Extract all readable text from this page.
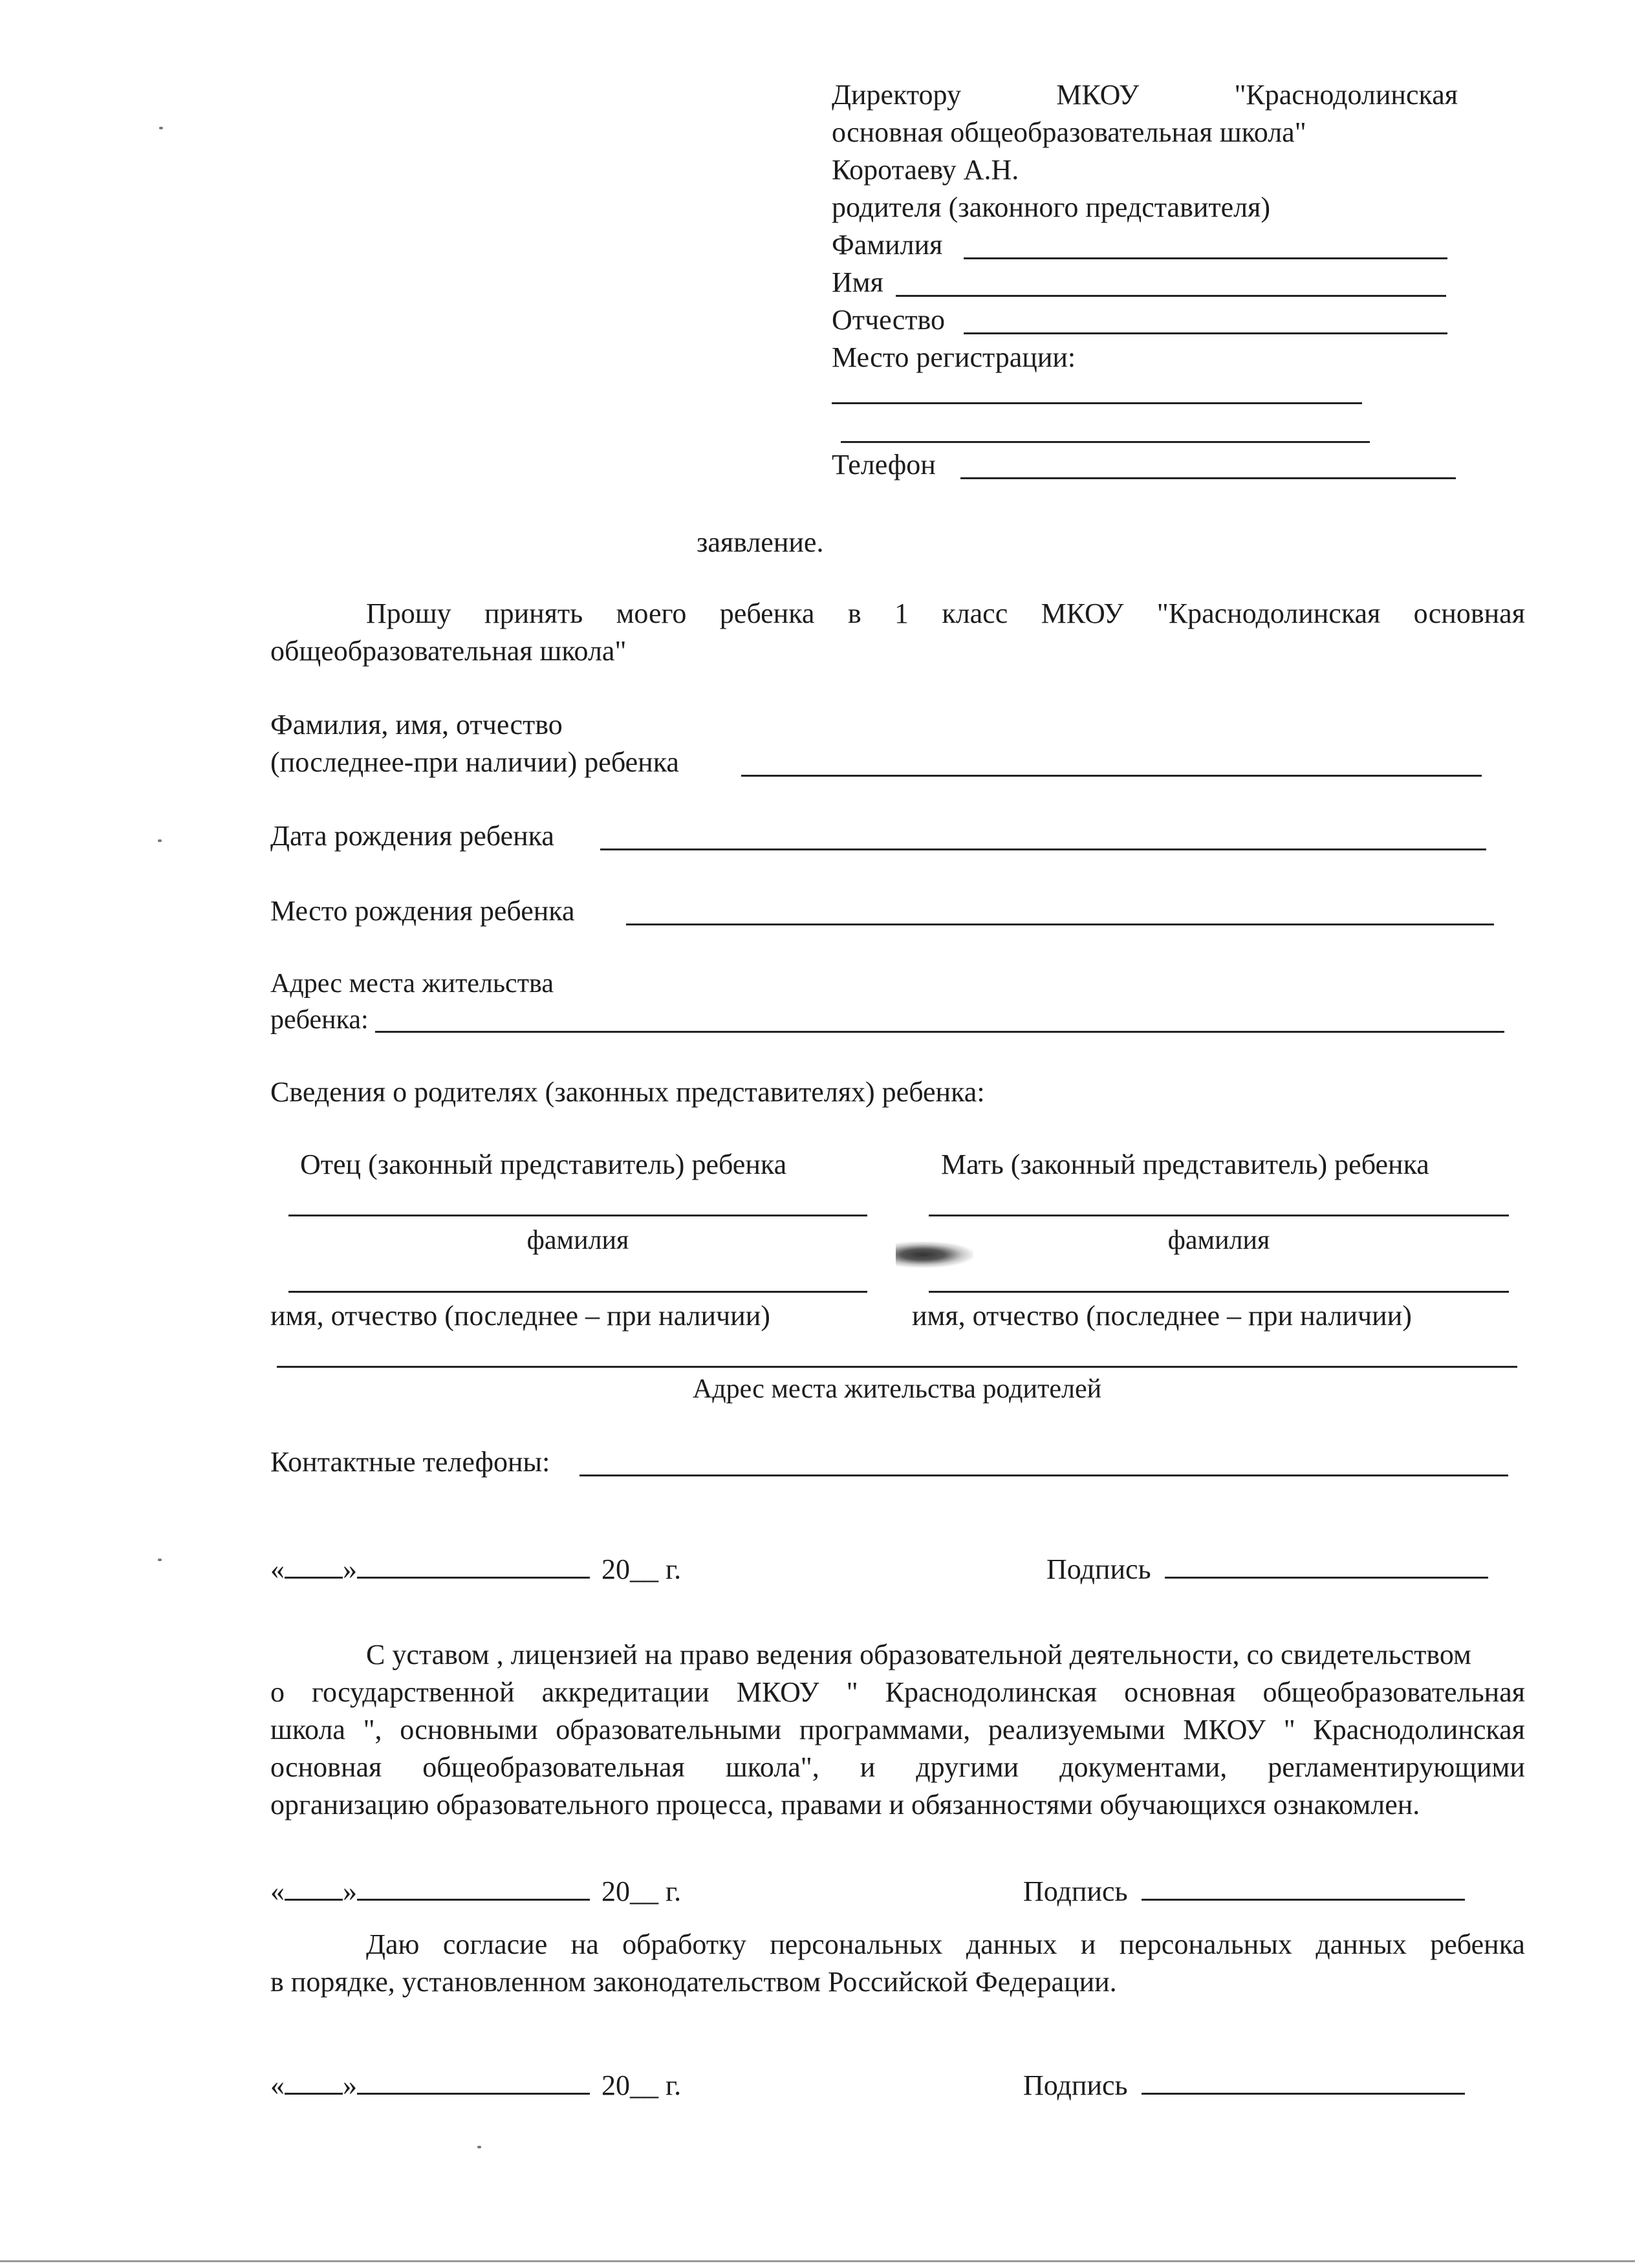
Директору	МКОУ	"Краснодолинская
основная общеобразовательная школа"
Коротаеву А.Н.
родителя (законного представителя)
Фамилия
Имя
Отчество
Место регистрации:
Телефон
заявление.
Прошу принять моего ребенка в 1 класс МКОУ "Краснодолинская основная
общеобразовательная школа"
Фамилия, имя, отчество
(последнее-при наличии) ребенка
Дата рождения ребенка
Место рождения ребенка
Адрес места жительства
ребенка:
Сведения о родителях (законных представителях) ребенка:
Отец (законный представитель) ребенка	Мать (законный представитель) ребенка
фамилия	фамилия
имя, отчество (последнее – при наличии)	имя, отчество (последнее – при наличии)
Адрес места жительства родителей
Контактные телефоны:
« »	20__ г.	Подпись
С уставом , лицензией на право ведения образовательной деятельности, со свидетельством
о государственной аккредитации МКОУ " Краснодолинская основная общеобразовательная
школа ", основными образовательными программами, реализуемыми МКОУ " Краснодолинская
основная общеобразовательная школа", и другими документами, регламентирующими
организацию образовательного процесса, правами и обязанностями обучающихся ознакомлен.
« »	20__ г.	Подпись
Даю согласие на обработку персональных данных и персональных данных ребенка
в порядке, установленном законодательством Российской Федерации.
« »	20__ г.	Подпись
